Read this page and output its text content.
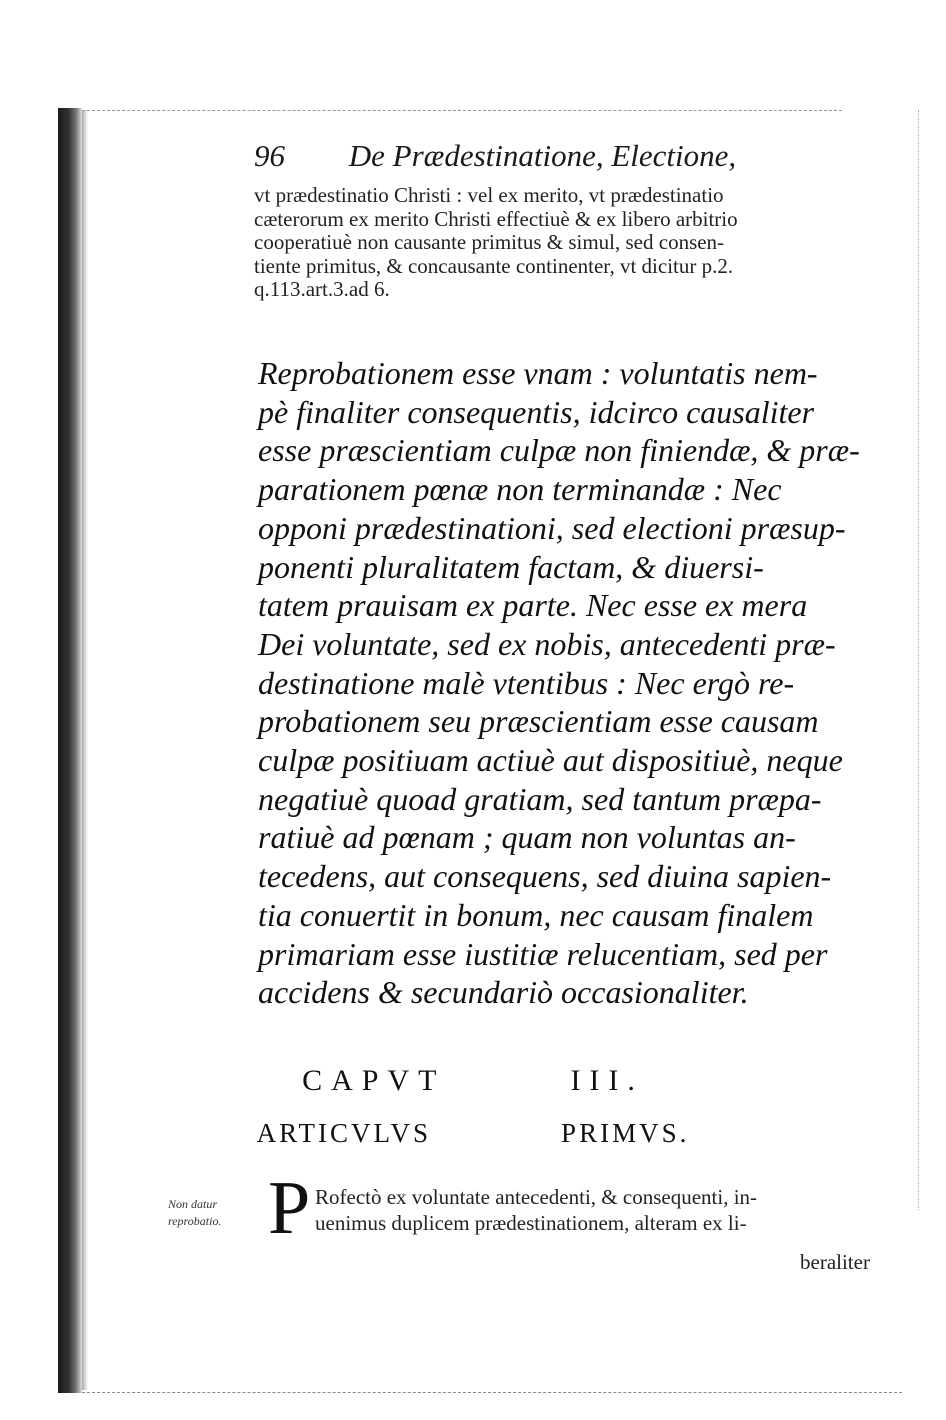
96 De Prædestinatione, Electione,
vt prædestinatio Christi : vel ex merito, vt prædestinatio
cæterorum ex merito Christi effectiuè & ex libero arbitrio
cooperatiuè non causante primitus & simul, sed consen-
tiente primitus, & concausante continenter, vt dicitur p.2.
q.113.art.3.ad 6.
Reprobationem esse vnam : voluntatis nem-
pè finaliter consequentis, idcirco causaliter
esse præscientiam culpæ non finiendæ, & præ-
parationem pœnæ non terminandæ : Nec
opponi prædestinationi, sed electioni præsup-
ponenti pluralitatem factam, & diuersi-
tatem prauisam ex parte. Nec esse ex mera
Dei voluntate, sed ex nobis, antecedenti præ-
destinatione malè vtentibus : Nec ergò re-
probationem seu præscientiam esse causam
culpæ positiuam actiuè aut dispositiuè, neque
negatiuè quoad gratiam, sed tantum præpa-
ratiuè ad pœnam ; quam non voluntas an-
tecedens, aut consequens, sed diuina sapien-
tia conuertit in bonum, nec causam finalem
primariam esse iustitiæ relucentiam, sed per
accidens & secundariò occasionaliter.
CAPVT	III.
ARTICVLVS	PRIMVS.
Non datur
reprobatio. P Rofectò ex voluntate antecedenti, & consequenti, in-
uenimus duplicem prædestinationem, alteram ex li-
beraliter
